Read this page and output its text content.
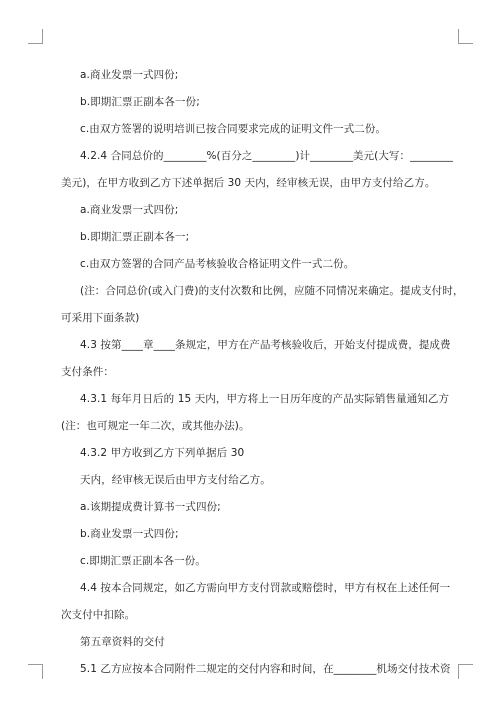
a.商业发票一式四份;
b.即期汇票正副本各一份;
c.由双方签署的说明培训已按合同要求完成的证明文件一式二份。
4.2.4 合同总价的________%(百分之________)计________美元(大写：________
美元)，在甲方收到乙方下述单据后 30 天内，经审核无误，由甲方支付给乙方。
a.商业发票一式四份;
b.即期汇票正副本各一;
c.由双方签署的合同产品考核验收合格证明文件一式二份。
(注：合同总价(或入门费)的支付次数和比例，应随不同情况来确定。提成支付时，
可采用下面条款)
4.3 按第____章____条规定，甲方在产品考核验收后，开始支付提成费，提成费
支付条件：
4.3.1 每年月日后的 15 天内，甲方将上一日历年度的产品实际销售量通知乙方
(注：也可规定一年二次，或其他办法)。
4.3.2 甲方收到乙方下列单据后 30
天内，经审核无误后由甲方支付给乙方。
a.该期提成费计算书一式四份;
b.商业发票一式四份;
c.即期汇票正副本各一份。
4.4 按本合同规定，如乙方需向甲方支付罚款或赔偿时，甲方有权在上述任何一
次支付中扣除。
第五章资料的交付
5.1 乙方应按本合同附件二规定的交付内容和时间，在________机场交付技术资
